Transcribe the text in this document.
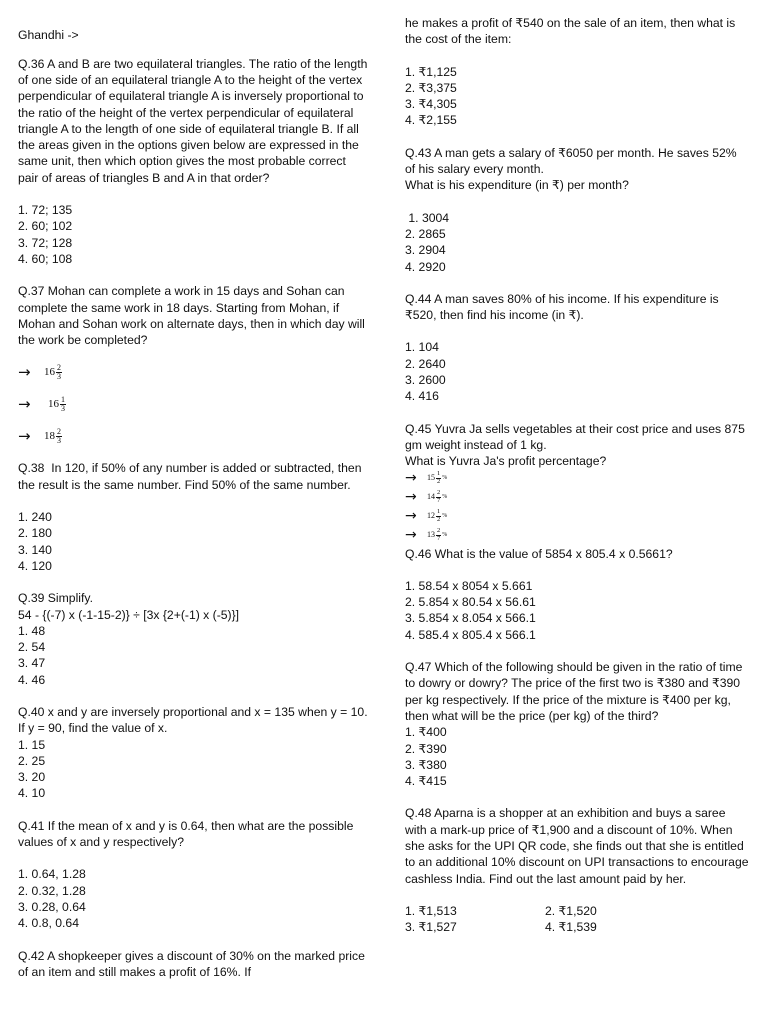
Ghandhi ->

Q.36 A and B are two equilateral triangles. The ratio of the length of one side of an equilateral triangle A to the height of the vertex perpendicular of equilateral triangle A is inversely proportional to the ratio of the height of the vertex perpendicular of equilateral triangle A to the length of one side of equilateral triangle B. If all the areas given in the options given below are expressed in the same unit, then which option gives the most probable correct pair of areas of triangles B and A in that order?

1. 72; 135

2. 60; 102

3. 72; 128

4. 60; 108

Q.37 Mohan can complete a work in 15 days and Sohan can complete the same work in 18 days. Starting from Mohan, if Mohan and Sohan work on alternate days, then in which day will the work be completed?

→	$16 \frac{2}{3}$
→	$16 \frac{1}{3}$
→	$18 \frac{2}{3}$

Q.38  In 120, if 50% of any number is added or subtracted, then the result is the same number. Find 50% of the same number.

1. 240

2. 180

3. 140

4. 120

Q.39 Simplify.

54 - {(-7) x (-1-15-2)} ÷ [3x {2+(-1) x (-5)}]

1. 48

2. 54

3. 47

4. 46

Q.40 x and y are inversely proportional and x = 135 when y = 10. If y = 90, find the value of x.

1. 15

2. 25

3. 20

4. 10

Q.41 If the mean of x and y is 0.64, then what are the possible values of x and y respectively?

1. 0.64, 1.28

2. 0.32, 1.28

3. 0.28, 0.64

4. 0.8, 0.64

Q.42 A shopkeeper gives a discount of 30% on the marked price of an item and still makes a profit of 16%. If

he makes a profit of ₹540 on the sale of an item, then what is the cost of the item:

1. ₹1,125

2. ₹3,375

3. ₹4,305

4. ₹2,155

Q.43 A man gets a salary of ₹6050 per month. He saves 52% of his salary every month.

What is his expenditure (in ₹) per month?

1. 3004

2. 2865

3. 2904

4. 2920

Q.44 A man saves 80% of his income. If his expenditure is ₹520, then find his income (in ₹).

1. 104

2. 2640

3. 2600

4. 416

Q.45 Yuvra Ja sells vegetables at their cost price and uses 875 gm weight instead of 1 kg.

What is Yuvra Ja's profit percentage?

→	$15 \frac{1}{2}$ %
→	$14 \frac{2}{7}$ %
→	$12 \frac{1}{2}$ %
→	$13 \frac{2}{7}$ %

Q.46 What is the value of 5854 x 805.4 x 0.5661?

1. 58.54 x 8054 x 5.661

2. 5.854 x 80.54 x 56.61

3. 5.854 x 8.054 x 566.1

4. 585.4 x 805.4 x 566.1

Q.47 Which of the following should be given in the ratio of time to dowry or dowry? The price of the first two is ₹380 and ₹390 per kg respectively. If the price of the mixture is ₹400 per kg, then what will be the price (per kg) of the third?

1. ₹400

2. ₹390

3. ₹380

4. ₹415

Q.48 Aparna is a shopper at an exhibition and buys a saree with a mark-up price of ₹1,900 and a discount of 10%. When she asks for the UPI QR code, she finds out that she is entitled to an additional 10% discount on UPI transactions to encourage cashless India. Find out the last amount paid by her.

1. ₹1,513	2. ₹1,520

3. ₹1,527	4. ₹1,539
